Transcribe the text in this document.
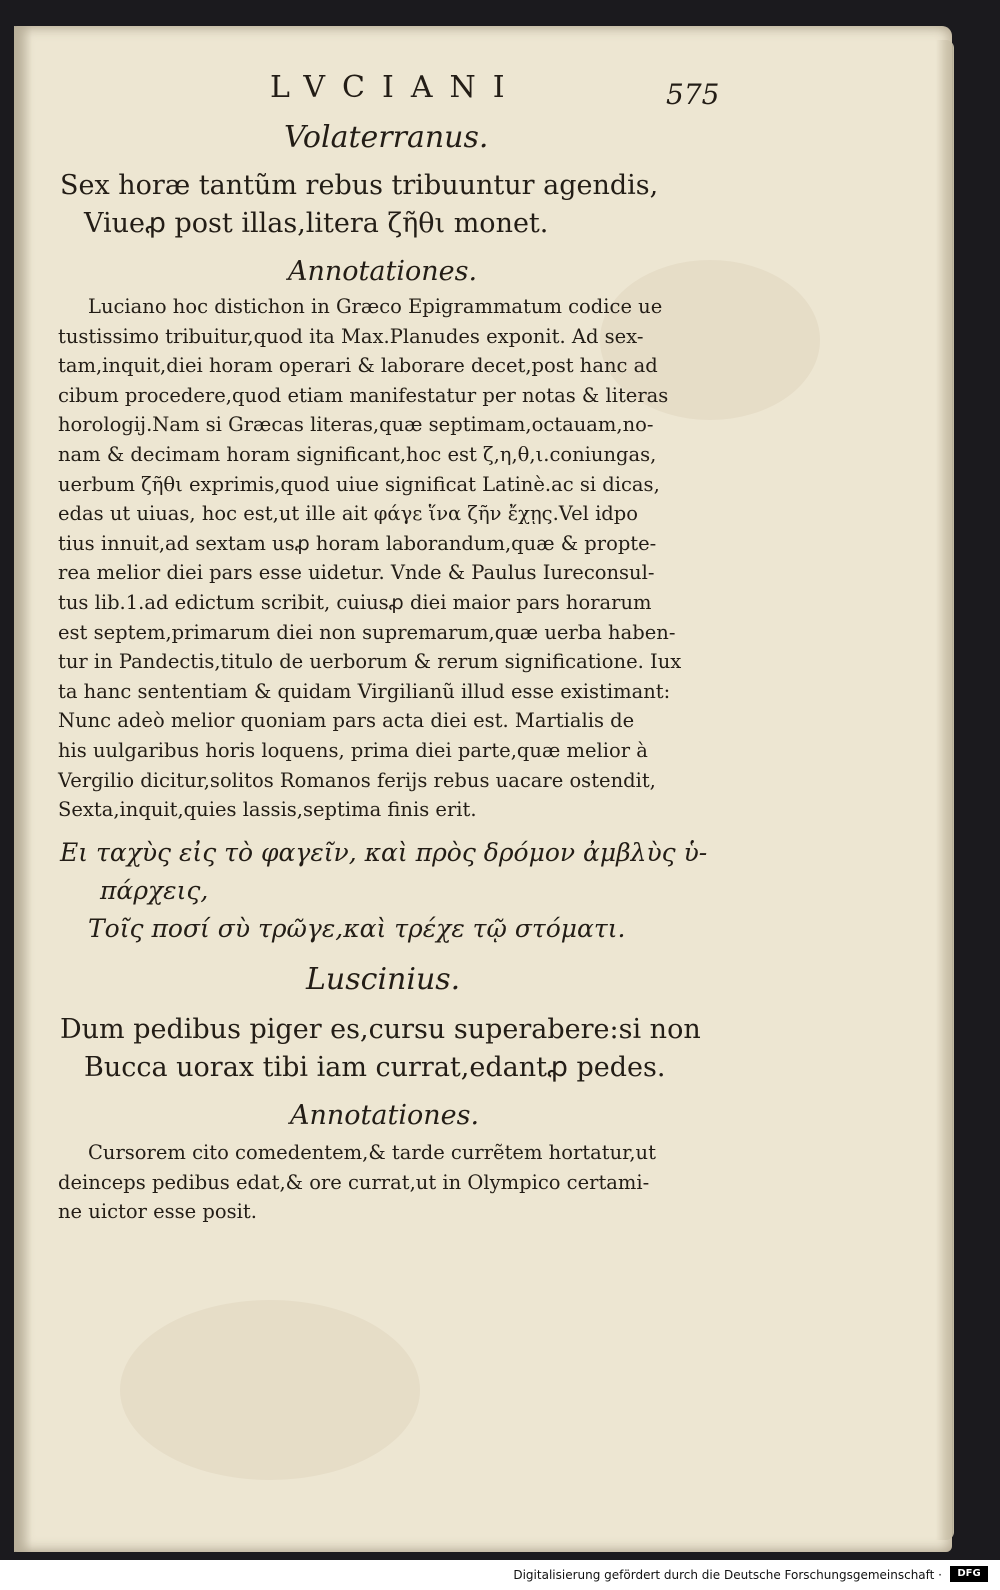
LVCIANI	575
Volaterranus.
Sex horæ tantũm rebus tribuuntur agendis,
Viueꝓ post illas,litera ζῆθι monet.
Annotationes.

Luciano hoc distichon in Græco Epigrammatum codice ue

tustissimo tribuitur,quod ita Max.Planudes exponit. Ad sex-
tam,inquit,diei horam operari & laborare decet,post hanc ad
cibum procedere,quod etiam manifestatur per notas & literas
horologij.Nam si Græcas literas,quæ septimam,octauam,no-
nam & decimam horam significant,hoc est ζ,η,θ,ι.coniungas,
uerbum ζῆθι exprimis,quod uiue significat Latinè.ac si dicas,
edas ut uiuas, hoc est,ut ille ait φάγε ἵνα ζῆν ἔχῃς.Vel idpo
tius innuit,ad sextam usꝓ horam laborandum,quæ & propte-
rea melior diei pars esse uidetur. Vnde & Paulus Iureconsul-
tus lib.1.ad edictum scribit, cuiusꝓ diei maior pars horarum
est septem,primarum diei non supremarum,quæ uerba haben-
tur in Pandectis,titulo de uerborum & rerum significatione. Iux
ta hanc sententiam & quidam Virgilianũ illud esse existimant:
Nunc adeò melior quoniam pars acta diei est. Martialis de
his uulgaribus horis loquens, prima diei parte,quæ melior à
Vergilio dicitur,solitos Romanos ferijs rebus uacare ostendit,
Sexta,inquit,quies lassis,septima finis erit.
Ει ταχὺς εἰς τὸ φαγεῖν, καὶ πρὸς δρόμον ἀμβλὺς ὑ-
πάρχεις,
Τοῖς ποσί σὺ τρῶγε,καὶ τρέχε τῷ στόματι.
Luscinius.
Dum pedibus piger es,cursu superabere:si non
Bucca uorax tibi iam currat,edantꝓ pedes.
Annotationes.

Cursorem cito comedentem,& tarde currẽtem hortatur,ut

deinceps pedibus edat,& ore currat,ut in Olympico certami-
ne uictor esse posit.
Digitalisierung gefördert durch die Deutsche Forschungsgemeinschaft ·	DFG
